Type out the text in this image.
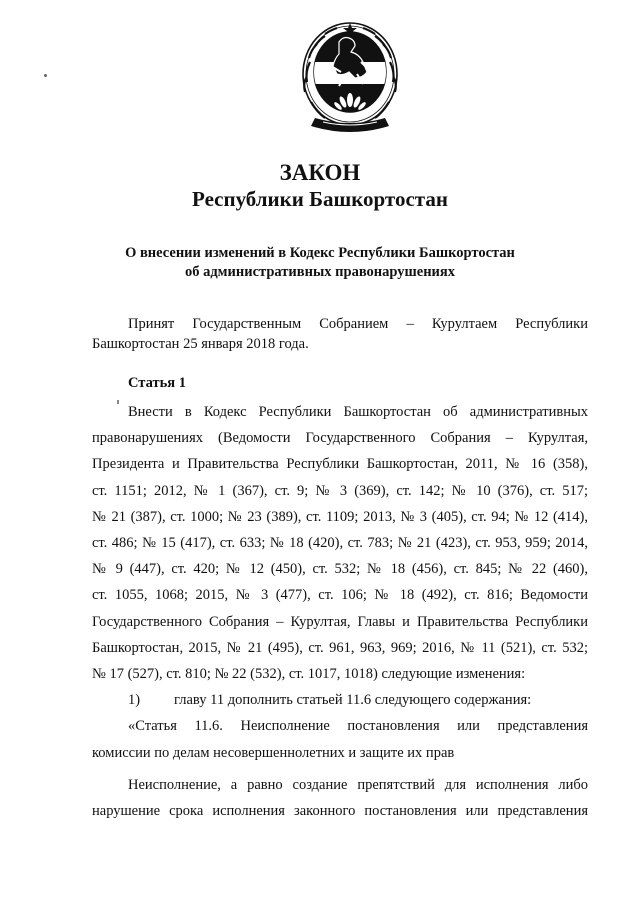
ЗАКОН
Республики Башкортостан
О внесении изменений в Кодекс Республики Башкортостан
об административных правонарушениях
Принят Государственным Собранием – Курултаем Республики
Башкортостан 25 января 2018 года.
Статья 1
Внести в Кодекс Республики Башкортостан об административных
правонарушениях (Ведомости Государственного Собрания – Курултая,
Президента и Правительства Республики Башкортостан, 2011, № 16 (358),
ст. 1151; 2012, № 1 (367), ст. 9; № 3 (369), ст. 142; № 10 (376), ст. 517;
№ 21 (387), ст. 1000; № 23 (389), ст. 1109; 2013, № 3 (405), ст. 94; № 12 (414),
ст. 486; № 15 (417), ст. 633; № 18 (420), ст. 783; № 21 (423), ст. 953, 959; 2014,
№ 9 (447), ст. 420; № 12 (450), ст. 532; № 18 (456), ст. 845; № 22 (460),
ст. 1055, 1068; 2015, № 3 (477), ст. 106; № 18 (492), ст. 816; Ведомости
Государственного Собрания – Курултая, Главы и Правительства Республики
Башкортостан, 2015, № 21 (495), ст. 961, 963, 969; 2016, № 11 (521), ст. 532;
№ 17 (527), ст. 810; № 22 (532), ст. 1017, 1018) следующие изменения:
1) главу 11 дополнить статьей 11.6 следующего содержания:
«Статья 11.6. Неисполнение постановления или представления
комиссии по делам несовершеннолетних и защите их прав
Неисполнение, а равно создание препятствий для исполнения либо
нарушение срока исполнения законного постановления или представления
